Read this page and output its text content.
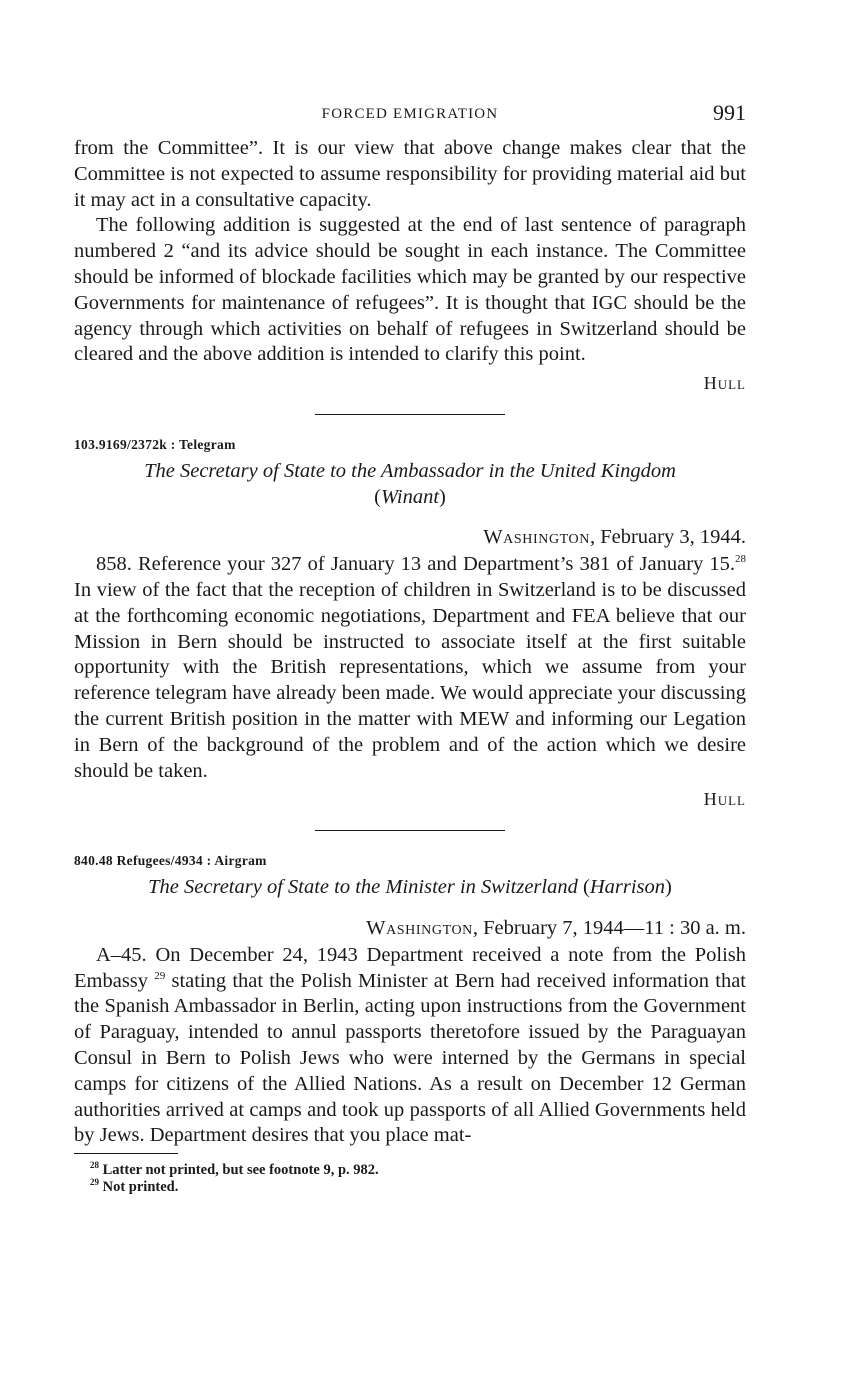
FORCED EMIGRATION	991

from the Committee”. It is our view that above change makes clear that the Committee is not expected to assume responsibility for providing material aid but it may act in a consultative capacity.

The following addition is suggested at the end of last sentence of paragraph numbered 2 “and its advice should be sought in each instance. The Committee should be informed of blockade facilities which may be granted by our respective Governments for maintenance of refugees”. It is thought that IGC should be the agency through which activities on behalf of refugees in Switzerland should be cleared and the above addition is intended to clarify this point.

Hull
103.9169/2372k : Telegram
The Secretary of State to the Ambassador in the United Kingdom
(Winant)
Washington, February 3, 1944.

858. Reference your 327 of January 13 and Department’s 381 of January 15.28 In view of the fact that the reception of children in Switzerland is to be discussed at the forthcoming economic negotiations, Department and FEA believe that our Mission in Bern should be instructed to associate itself at the first suitable opportunity with the British representations, which we assume from your reference telegram have already been made. We would appreciate your discussing the current British position in the matter with MEW and informing our Legation in Bern of the background of the problem and of the action which we desire should be taken.

Hull
840.48 Refugees/4934 : Airgram
The Secretary of State to the Minister in Switzerland (Harrison)
Washington, February 7, 1944—11 : 30 a. m.

A–45. On December 24, 1943 Department received a note from the Polish Embassy $^{29}$ stating that the Polish Minister at Bern had received information that the Spanish Ambassador in Berlin, acting upon instructions from the Government of Paraguay, intended to annul passports theretofore issued by the Paraguayan Consul in Bern to Polish Jews who were interned by the Germans in special camps for citizens of the Allied Nations. As a result on December 12 German authorities arrived at camps and took up passports of all Allied Governments held by Jews. Department desires that you place mat-

$^{28}$ Latter not printed, but see footnote 9, p. 982.

$^{29}$ Not printed.
